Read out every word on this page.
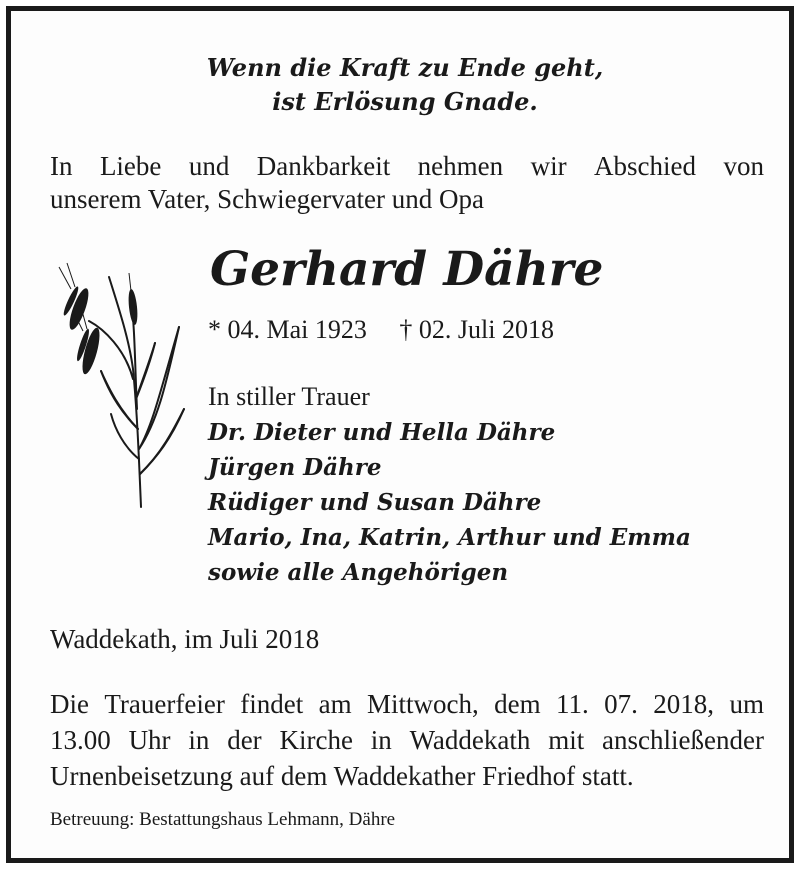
Wenn die Kraft zu Ende geht,
ist Erlösung Gnade.
In Liebe und Dankbarkeit nehmen wir Abschied von
unserem Vater, Schwiegervater und Opa
Gerhard Dähre
* 04. Mai 1923 † 02. Juli 2018
In stiller Trauer
Dr. Dieter und Hella Dähre
Jürgen Dähre
Rüdiger und Susan Dähre
Mario, Ina, Katrin, Arthur und Emma
sowie alle Angehörigen
Waddekath, im Juli 2018
Die Trauerfeier findet am Mittwoch, dem 11. 07. 2018, um
13.00 Uhr in der Kirche in Waddekath mit anschließender
Urnenbeisetzung auf dem Waddekather Friedhof statt.
Betreuung: Bestattungshaus Lehmann, Dähre
